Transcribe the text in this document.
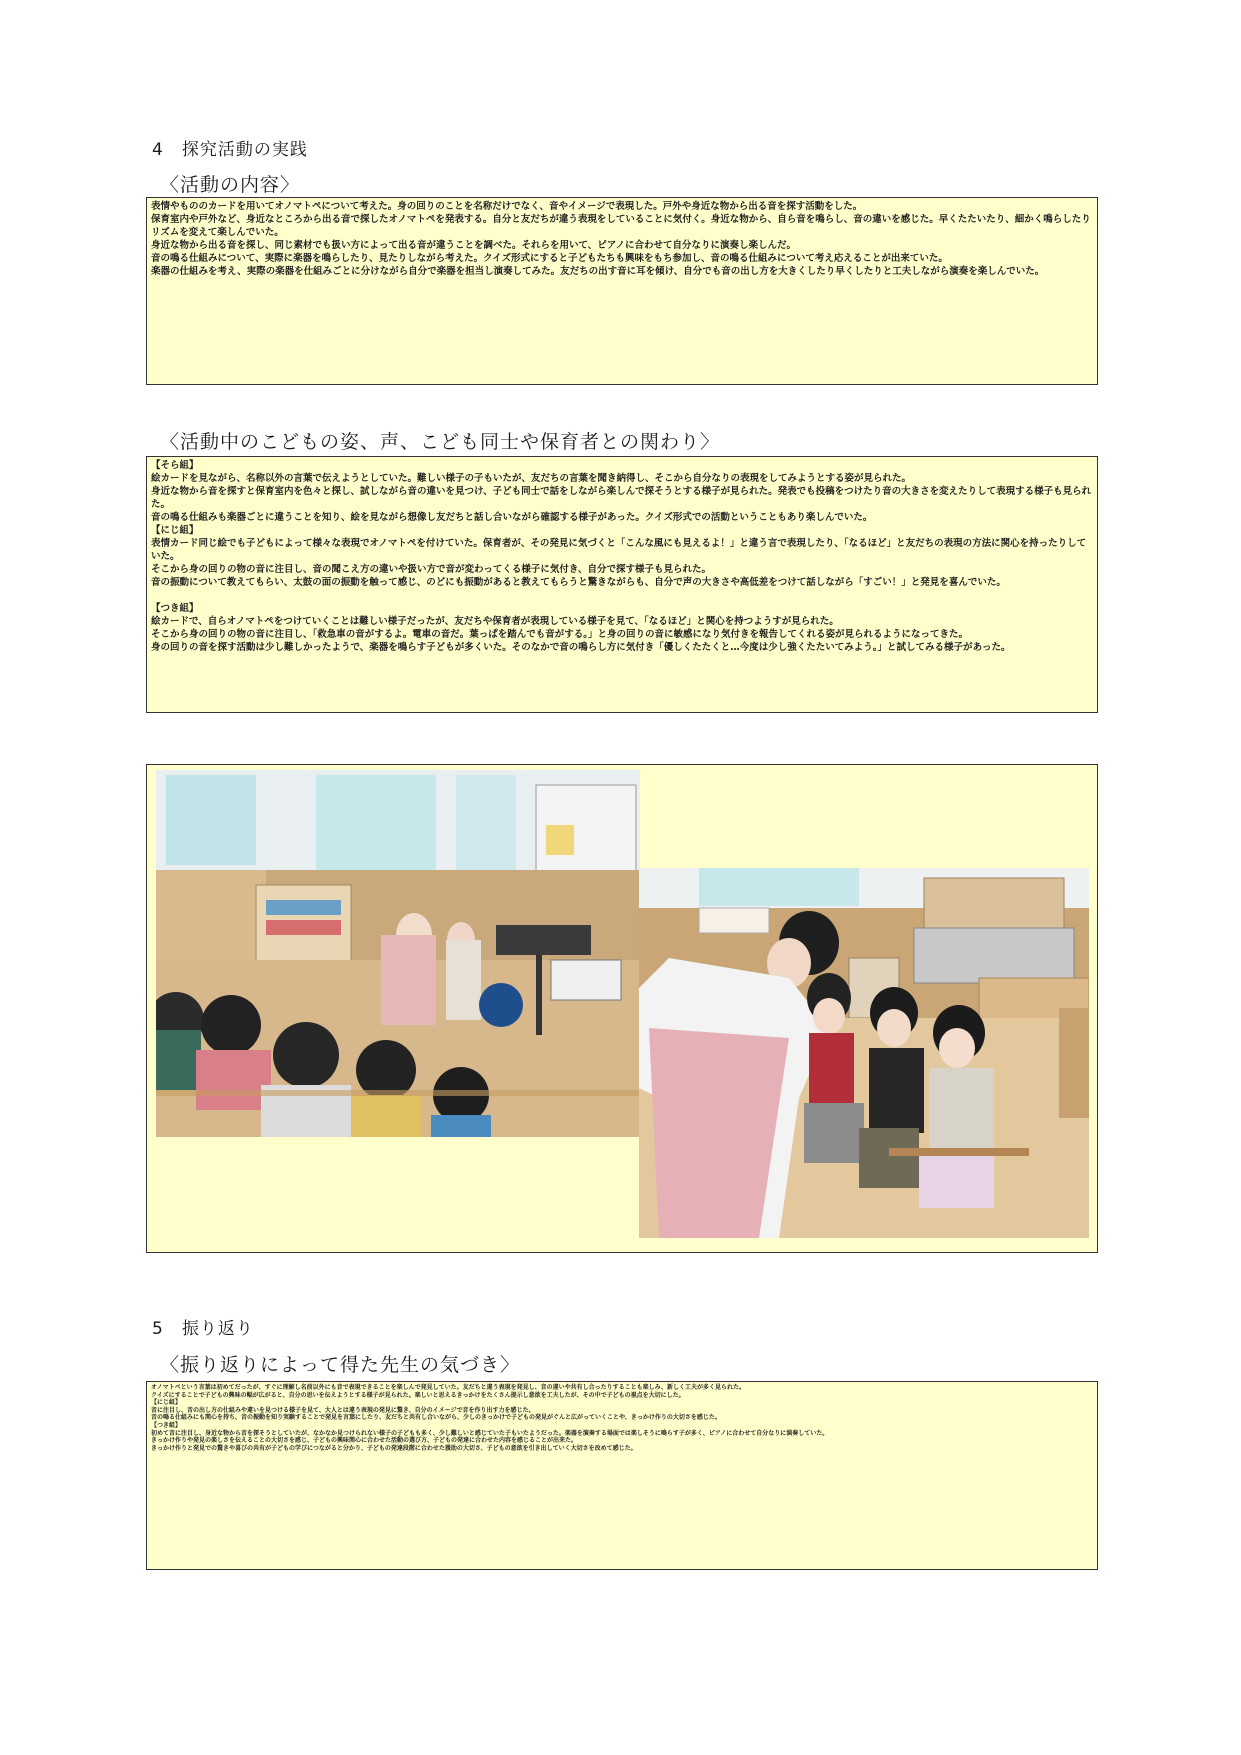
4　探究活動の実践
〈活動の内容〉
表情やもののカードを用いてオノマトペについて考えた。身の回りのことを名称だけでなく、音やイメージで表現した。戸外や身近な物から出る音を探す活動をした。
保育室内や戸外など、身近なところから出る音で探したオノマトペを発表する。自分と友だちが違う表現をしていることに気付く。身近な物から、自ら音を鳴らし、音の違いを感じた。早くたたいたり、細かく鳴らしたりリズムを変えて楽しんでいた。
身近な物から出る音を探し、同じ素材でも扱い方によって出る音が違うことを調べた。それらを用いて、ピアノに合わせて自分なりに演奏し楽しんだ。
音の鳴る仕組みについて、実際に楽器を鳴らしたり、見たりしながら考えた。クイズ形式にすると子どもたちも興味をもち参加し、音の鳴る仕組みについて考え応えることが出来ていた。
楽器の仕組みを考え、実際の楽器を仕組みごとに分けながら自分で楽器を担当し演奏してみた。友だちの出す音に耳を傾け、自分でも音の出し方を大きくしたり早くしたりと工夫しながら演奏を楽しんでいた。
〈活動中のこどもの姿、声、こども同士や保育者との関わり〉
【そら組】
絵カードを見ながら、名称以外の言葉で伝えようとしていた。難しい様子の子もいたが、友だちの言葉を聞き納得し、そこから自分なりの表現をしてみようとする姿が見られた。
身近な物から音を探すと保育室内を色々と探し、試しながら音の違いを見つけ、子ども同士で話をしながら楽しんで探そうとする様子が見られた。発表でも投稿をつけたり音の大きさを変えたりして表現する様子も見られた。
音の鳴る仕組みも楽器ごとに違うことを知り、絵を見ながら想像し友だちと話し合いながら確認する様子があった。クイズ形式での活動ということもあり楽しんでいた。
【にじ組】
表情カード同じ絵でも子どもによって様々な表現でオノマトペを付けていた。保育者が、その発見に気づくと「こんな風にも見えるよ！」と違う言で表現したり、「なるほど」と友だちの表現の方法に関心を持ったりしていた。
そこから身の回りの物の音に注目し、音の聞こえ方の違いや扱い方で音が変わってくる様子に気付き、自分で探す様子も見られた。
音の振動について教えてもらい、太鼓の面の振動を触って感じ、のどにも振動があると教えてもらうと驚きながらも、自分で声の大きさや高低差をつけて話しながら「すごい！」と発見を喜んでいた。

【つき組】
絵カードで、自らオノマトペをつけていくことは難しい様子だったが、友だちや保育者が表現している様子を見て、「なるほど」と関心を持つようすが見られた。
そこから身の回りの物の音に注目し、「救急車の音がするよ。電車の音だ。葉っぱを踏んでも音がする。」と身の回りの音に敏感になり気付きを報告してくれる姿が見られるようになってきた。
身の回りの音を探す活動は少し難しかったようで、楽器を鳴らす子どもが多くいた。そのなかで音の鳴らし方に気付き「優しくたたくと…今度は少し強くたたいてみよう。」と試してみる様子があった。
5　振り返り
〈振り返りによって得た先生の気づき〉
オノマトペという言葉は初めてだったが、すぐに理解し名前以外にも音で表現できることを楽しんで発見していた。友だちと違う表現を発見し、音の違いや共有し合ったりすることも楽しみ、新しく工夫が多く見られた。
クイズにすることで子どもの興味の幅が広がると、自分の思いを伝えようとする様子が見られた。楽しいと思えるきっかけをたくさん提示し意欲を工夫したが、その中で子どもの視点を大切にした。
【にじ組】
音に注目し、音の出し方の仕組みや違いを見つける様子を見て、大人とは違う表現の発見に驚き、自分のイメージで音を作り出す力を感じた。
音の鳴る仕組みにも関心を持ち、音の振動を知り実験することで発見を言葉にしたり、友だちと共有し合いながら、少しのきっかけで子どもの発見がぐんと広がっていくことや、きっかけ作りの大切さを感じた。
【つき組】
初めて音に注目し、身近な物から音を探そうとしていたが、なかなか見つけられない様子の子どもも多く、少し難しいと感じていた子もいたようだった。楽器を演奏する場面では楽しそうに鳴らす子が多く、ピアノに合わせて自分なりに演奏していた。
きっかけ作りや発見の楽しさを伝えることの大切さを感じ、子どもの興味関心に合わせた活動の選び方、子どもの発達に合わせた内容を感じることが出来た。
きっかけ作りと発見での驚きや喜びの共有が子どもの学びにつながると分かり、子どもの発達段階に合わせた援助の大切さ、子どもの意欲を引き出していく大切さを改めて感じた。
